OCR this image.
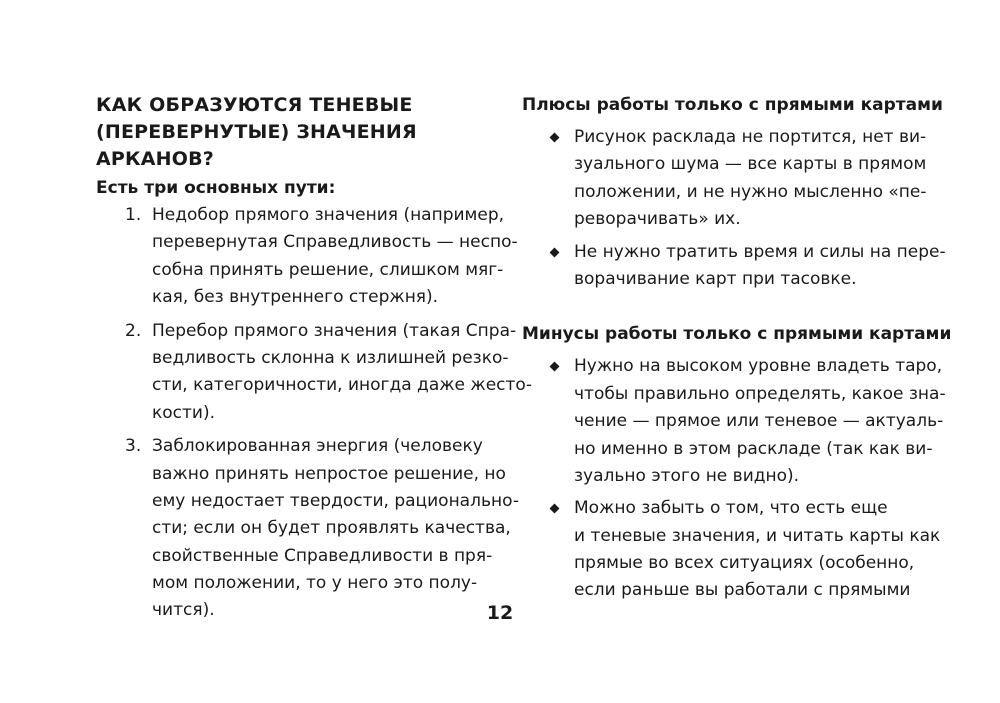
КАК ОБРАЗУЮТСЯ ТЕНЕВЫЕ
(ПЕРЕВЕРНУТЫЕ) ЗНАЧЕНИЯ АРКАНОВ?

Есть три основных пути:

1. Недобор прямого значения (например,
перевернутая Справедливость — неспо-
собна принять решение, слишком мяг-
кая, без внутреннего стержня).
2. Перебор прямого значения (такая Спра-
ведливость склонна к излишней резко-
сти, категоричности, иногда даже жесто-
кости).
3. Заблокированная энергия (человеку
важно принять непростое решение, но
ему недостает твердости, рациональнo-
сти; если он будет проявлять качества,
свойственные Справедливости в пря-
мом положении, то у него это полу-
чится).

Плюсы работы только с прямыми картами

Рисунок расклада не портится, нет ви-
зуального шума — все карты в прямом
положении, и не нужно мысленно «пе-
реворачивать» их.
Не нужно тратить время и силы на пере-
ворачивание карт при тасовке.

Минусы работы только с прямыми картами

Нужно на высоком уровне владеть таро,
чтобы правильно определять, какое зна-
чение — прямое или теневое — актуаль-
но именно в этом раскладе (так как ви-
зуально этого не видно).
Можно забыть о том, что есть еще
и теневые значения, и читать карты как
прямые во всех ситуациях (особенно,
если раньше вы работали с прямыми
12
